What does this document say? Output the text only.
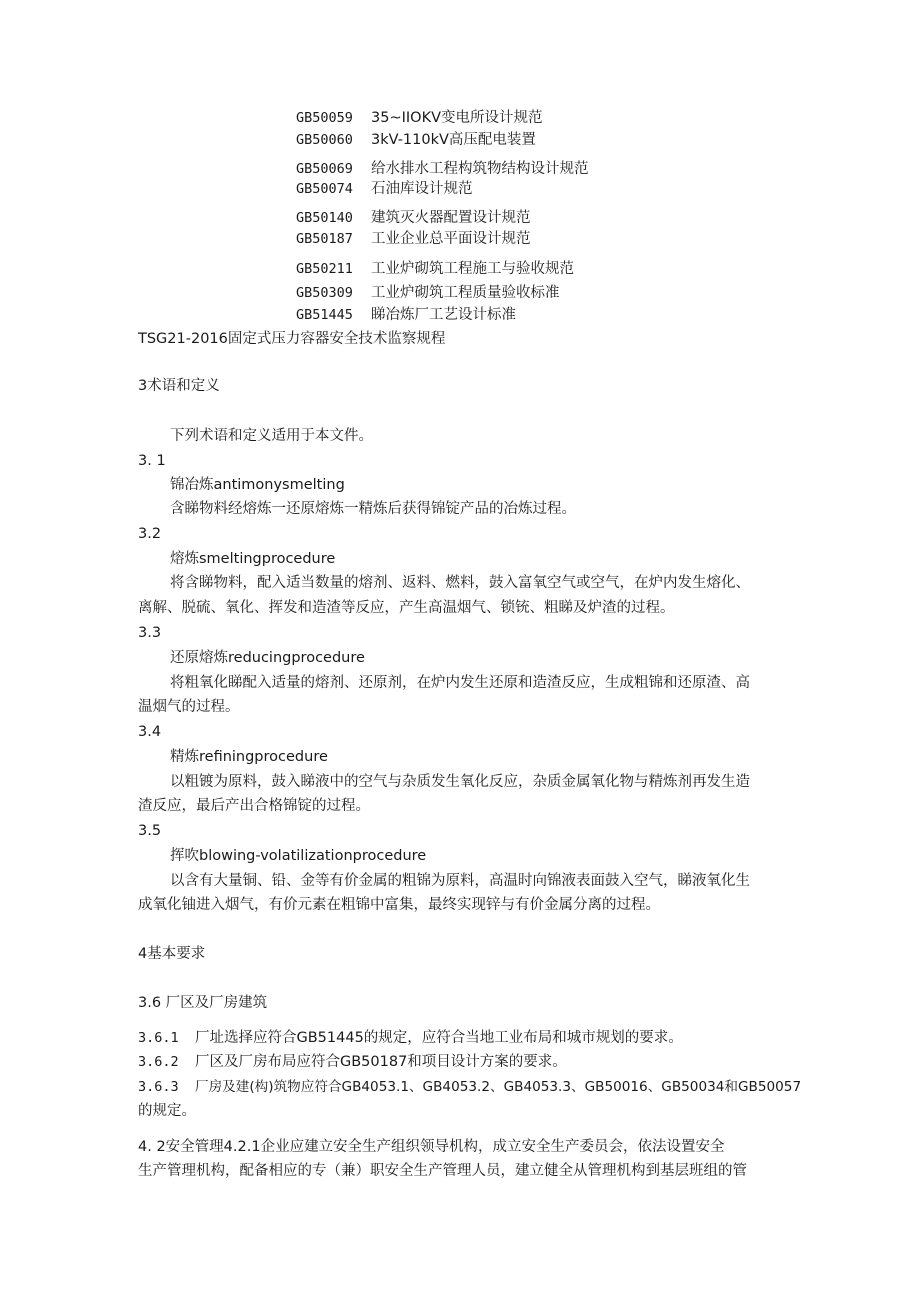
GB50059 35~IIOKV变电所设计规范
GB50060 3kV-110kV高压配电装置
GB50069 给水排水工程构筑物结构设计规范
GB50074 石油库设计规范
GB50140 建筑灭火器配置设计规范
GB50187 工业企业总平面设计规范
GB50211 工业炉砌筑工程施工与验收规范
GB50309 工业炉砌筑工程质量验收标准
GB51445 睇冶炼厂工艺设计标准
TSG21-2016固定式压力容器安全技术监察规程
3术语和定义
下列术语和定义适用于本文件。
3. 1
锦冶炼antimonysmelting
含睇物料经熔炼一还原熔炼一精炼后获得锦锭产品的冶炼过程。
3.2
熔炼smeltingprocedure
将含睇物料，配入适当数量的熔剂、返料、燃料，鼓入富氧空气或空气，在炉内发生熔化、
离解、脱硫、氧化、挥发和造渣等反应，产生高温烟气、锁铳、粗睇及炉渣的过程。
3.3
还原熔炼reducingprocedure
将粗氧化睇配入适量的熔剂、还原剂，在炉内发生还原和造渣反应，生成粗锦和还原渣、高
温烟气的过程。
3.4
精炼refiningprocedure
以粗镀为原料，鼓入睇液中的空气与杂质发生氧化反应，杂质金属氧化物与精炼剂再发生造
渣反应，最后产出合格锦锭的过程。
3.5
挥吹blowing-volatilizationprocedure
以含有大量铜、铅、金等有价金属的粗锦为原料，高温时向锦液表面鼓入空气，睇液氧化生
成氧化铀进入烟气，有价元素在粗锦中富集，最终实现锌与有价金属分离的过程。
4基本要求
3.6 厂区及厂房建筑
3.6.1 厂址选择应符合GB51445的规定，应符合当地工业布局和城市规划的要求。
3.6.2 厂区及厂房布局应符合GB50187和项目设计方案的要求。
3.6.3 厂房及建(构)筑物应符合GB4053.1、GB4053.2、GB4053.3、GB50016、GB50034和GB50057
的规定。
4. 2安全管理4.2.1企业应建立安全生产组织领导机构，成立安全生产委员会，依法设置安全
生产管理机构，配备相应的专（兼）职安全生产管理人员，建立健全从管理机构到基层班组的管
